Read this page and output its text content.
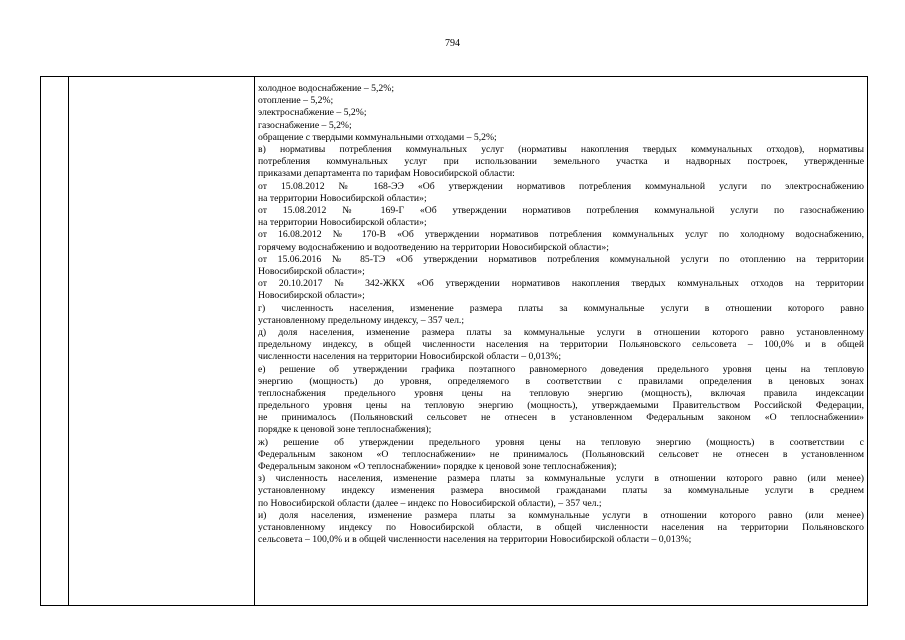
794
холодное водоснабжение – 5,2%;
отопление – 5,2%;
электроснабжение – 5,2%;
газоснабжение – 5,2%;
обращение с твердыми коммунальными отходами – 5,2%;
в) нормативы потребления коммунальных услуг (нормативы накопления твердых коммунальных отходов), нормативы
потребления коммунальных услуг при использовании земельного участка и надворных построек, утвержденные
приказами департамента по тарифам Новосибирской области:
от 15.08.2012 № 168-ЭЭ «Об утверждении нормативов потребления коммунальной услуги по электроснабжению
на территории Новосибирской области»;
от 15.08.2012 № 169-Г «Об утверждении нормативов потребления коммунальной услуги по газоснабжению
на территории Новосибирской области»;
от 16.08.2012 № 170-В «Об утверждении нормативов потребления коммунальных услуг по холодному водоснабжению,
горячему водоснабжению и водоотведению на территории Новосибирской области»;
от 15.06.2016 № 85-ТЭ «Об утверждении нормативов потребления коммунальной услуги по отоплению на территории
Новосибирской области»;
от 20.10.2017 № 342-ЖКХ «Об утверждении нормативов накопления твердых коммунальных отходов на территории
Новосибирской области»;
г) численность населения, изменение размера платы за коммунальные услуги в отношении которого равно
установленному предельному индексу, – 357 чел.;
д) доля населения, изменение размера платы за коммунальные услуги в отношении которого равно установленному
предельному индексу, в общей численности населения на территории Польяновского сельсовета – 100,0% и в общей
численности населения на территории Новосибирской области – 0,013%;
е) решение об утверждении графика поэтапного равномерного доведения предельного уровня цены на тепловую
энергию (мощность) до уровня, определяемого в соответствии с правилами определения в ценовых зонах
теплоснабжения предельного уровня цены на тепловую энергию (мощность), включая правила индексации
предельного уровня цены на тепловую энергию (мощность), утверждаемыми Правительством Российской Федерации,
не принималось (Польяновский сельсовет не отнесен в установленном Федеральным законом «О теплоснабжении»
порядке к ценовой зоне теплоснабжения);
ж) решение об утверждении предельного уровня цены на тепловую энергию (мощность) в соответствии с
Федеральным законом «О теплоснабжении» не принималось (Польяновский сельсовет не отнесен в установленном
Федеральным законом «О теплоснабжении» порядке к ценовой зоне теплоснабжения);
з) численность населения, изменение размера платы за коммунальные услуги в отношении которого равно (или менее)
установленному индексу изменения размера вносимой гражданами платы за коммунальные услуги в среднем
по Новосибирской области (далее – индекс по Новосибирской области), – 357 чел.;
и) доля населения, изменение размера платы за коммунальные услуги в отношении которого равно (или менее)
установленному индексу по Новосибирской области, в общей численности населения на территории Польяновского
сельсовета – 100,0% и в общей численности населения на территории Новосибирской области – 0,013%;
